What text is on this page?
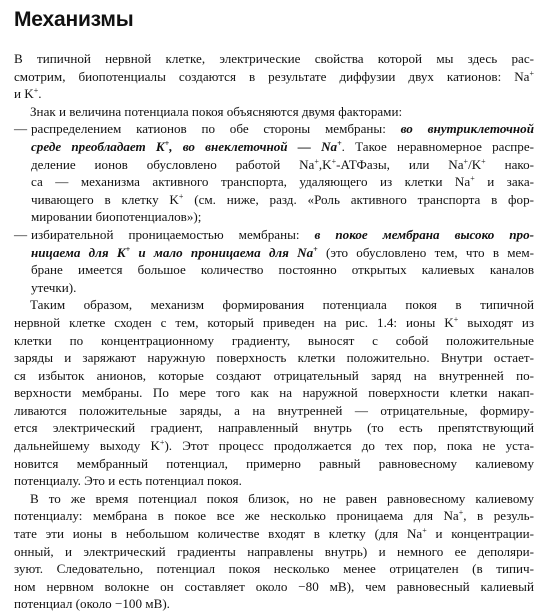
Механизмы
В типичной нервной клетке, электрические свойства которой мы здесь рас-
смотрим, биопотенциалы создаются в результате диффузии двух катионов: Na+
и K+.
Знак и величина потенциала покоя объясняются двумя факторами:
— распределением катионов по обе стороны мембраны: во внутриклеточной
среде преобладает K+, во внеклеточной — Na+. Такое неравномерное распре-
деление ионов обусловлено работой Na+,K+-АТФазы, или Na+/K+ нако-
са — механизма активного транспорта, удаляющего из клетки Na+ и зака-
чивающего в клетку K+ (см. ниже, разд. «Роль активного транспорта в фор-
мировании биопотенциалов»);
— избирательной проницаемостью мембраны: в покое мембрана высоко про-
ницаема для K+ и мало проницаема для Na+ (это обусловлено тем, что в мем-
бране имеется большое количество постоянно открытых калиевых каналов
утечки).
Таким образом, механизм формирования потенциала покоя в типичной
нервной клетке сходен с тем, который приведен на рис. 1.4: ионы K+ выходят из
клетки по концентрационному градиенту, выносят с собой положительные
заряды и заряжают наружную поверхность клетки положительно. Внутри остает-
ся избыток анионов, которые создают отрицательный заряд на внутренней по-
верхности мембраны. По мере того как на наружной поверхности клетки накап-
ливаются положительные заряды, а на внутренней — отрицательные, формиру-
ется электрический градиент, направленный внутрь (то есть препятствующий
дальнейшему выходу K+). Этот процесс продолжается до тех пор, пока не уста-
новится мембранный потенциал, примерно равный равновесному калиевому
потенциалу. Это и есть потенциал покоя.
В то же время потенциал покоя близок, но не равен равновесному калиевому
потенциалу: мембрана в покое все же несколько проницаема для Na+, в резуль-
тате эти ионы в небольшом количестве входят в клетку (для Na+ и концентрации-
онный, и электрический градиенты направлены внутрь) и немного ее деполяри-
зуют. Следовательно, потенциал покоя несколько менее отрицателен (в типич-
ном нервном волокне он составляет около −80 мВ), чем равновесный калиевый
потенциал (около −100 мВ).
